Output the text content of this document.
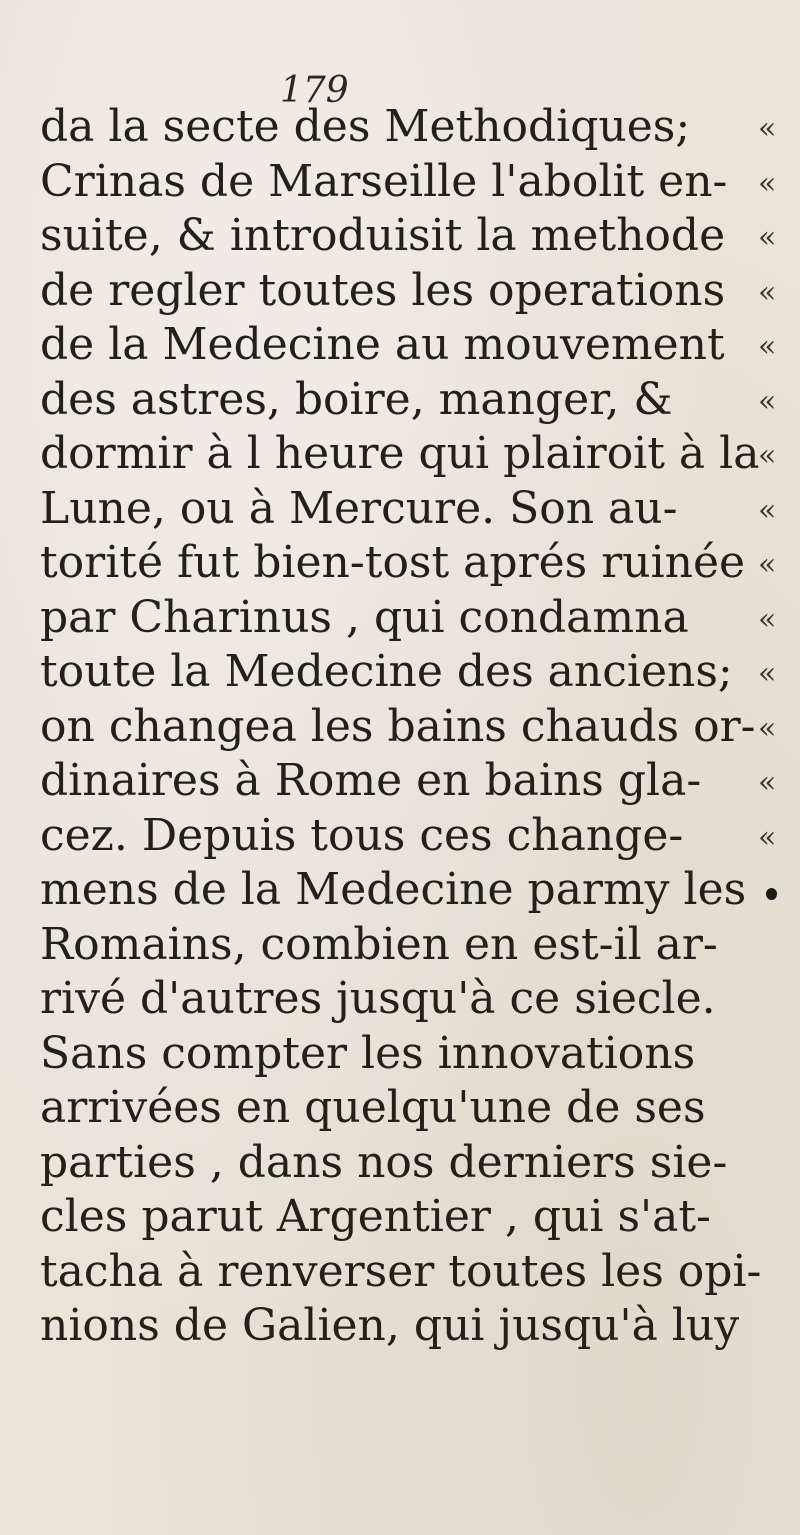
179
da la secte des Methodiques;
Crinas de Marseille l'abolit en-
suite, & introduisit la methode
de regler toutes les operations
de la Medecine au mouvement
des astres, boire, manger, &
dormir à l heure qui plairoit à la
Lune, ou à Mercure. Son au-
torité fut bien-tost aprés ruinée
par Charinus , qui condamna
toute la Medecine des anciens;
on changea les bains chauds or-
dinaires à Rome en bains gla-
cez. Depuis tous ces change-
mens de la Medecine parmy les
Romains, combien en est-il ar-
rivé d'autres jusqu'à ce siecle.
Sans compter les innovations
arrivées en quelqu'une de ses
parties , dans nos derniers sie-
cles parut Argentier , qui s'at-
tacha à renverser toutes les opi-
nions de Galien, qui jusqu'à luy
«
«
«
«
«
«
«
«
«
«
«
«
«
«
